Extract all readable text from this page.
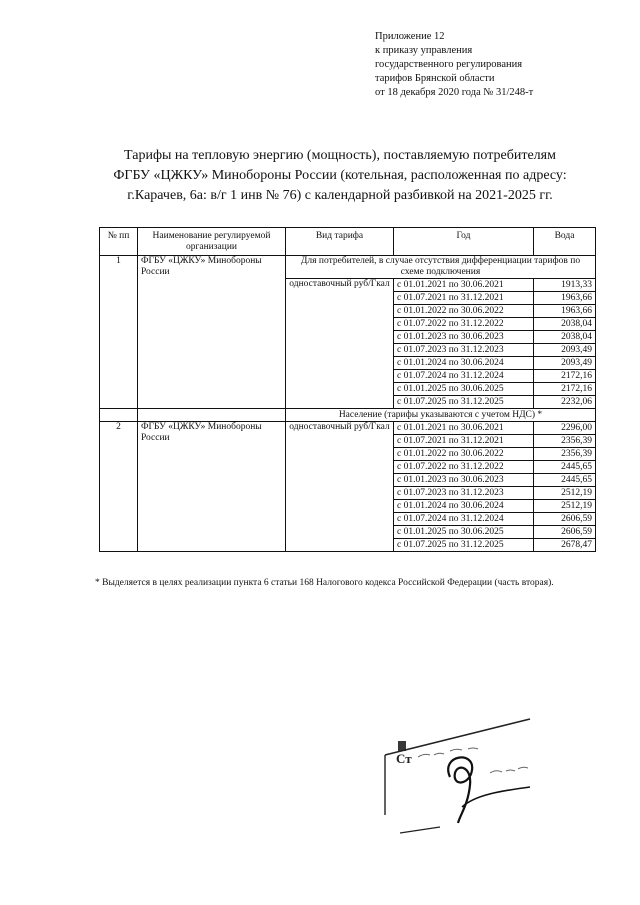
Приложение 12
к приказу управления
государственного регулирования
тарифов Брянской области
от 18 декабря 2020 года № 31/248-т
Тарифы на тепловую энергию (мощность), поставляемую потребителям
ФГБУ «ЦЖКУ» Минобороны России (котельная, расположенная по адресу:
г.Карачев, 6а: в/г 1 инв № 76) с календарной разбивкой на 2021-2025 гг.
№ пп	Наименование регулируемой организации	Вид тарифа	Год	Вода
1	ФГБУ «ЦЖКУ» Минобороны России	Для потребителей, в случае отсутствия дифференциации тарифов по схеме подключения		
		одноставочный руб/Гкал	с 01.01.2021 по 30.06.2021	1913,33
			с 01.07.2021 по 31.12.2021	1963,66
			с 01.01.2022 по 30.06.2022	1963,66
			с 01.07.2022 по 31.12.2022	2038,04
			с 01.01.2023 по 30.06.2023	2038,04
			с 01.07.2023 по 31.12.2023	2093,49
			с 01.01.2024 по 30.06.2024	2093,49
			с 01.07.2024 по 31.12.2024	2172,16
			с 01.01.2025 по 30.06.2025	2172,16
			с 01.07.2025 по 31.12.2025	2232,06
		Население (тарифы указываются с учетом НДС) *		
2	ФГБУ «ЦЖКУ» Минобороны России	одноставочный руб/Гкал	с 01.01.2021 по 30.06.2021	2296,00
			с 01.07.2021 по 31.12.2021	2356,39
			с 01.01.2022 по 30.06.2022	2356,39
			с 01.07.2022 по 31.12.2022	2445,65
			с 01.01.2023 по 30.06.2023	2445,65
			с 01.07.2023 по 31.12.2023	2512,19
			с 01.01.2024 по 30.06.2024	2512,19
			с 01.07.2024 по 31.12.2024	2606,59
			с 01.01.2025 по 30.06.2025	2606,59
			с 01.07.2025 по 31.12.2025	2678,47
* Выделяется в целях реализации пункта 6 статьи 168 Налогового кодекса Российской Федерации (часть вторая).
Ст
